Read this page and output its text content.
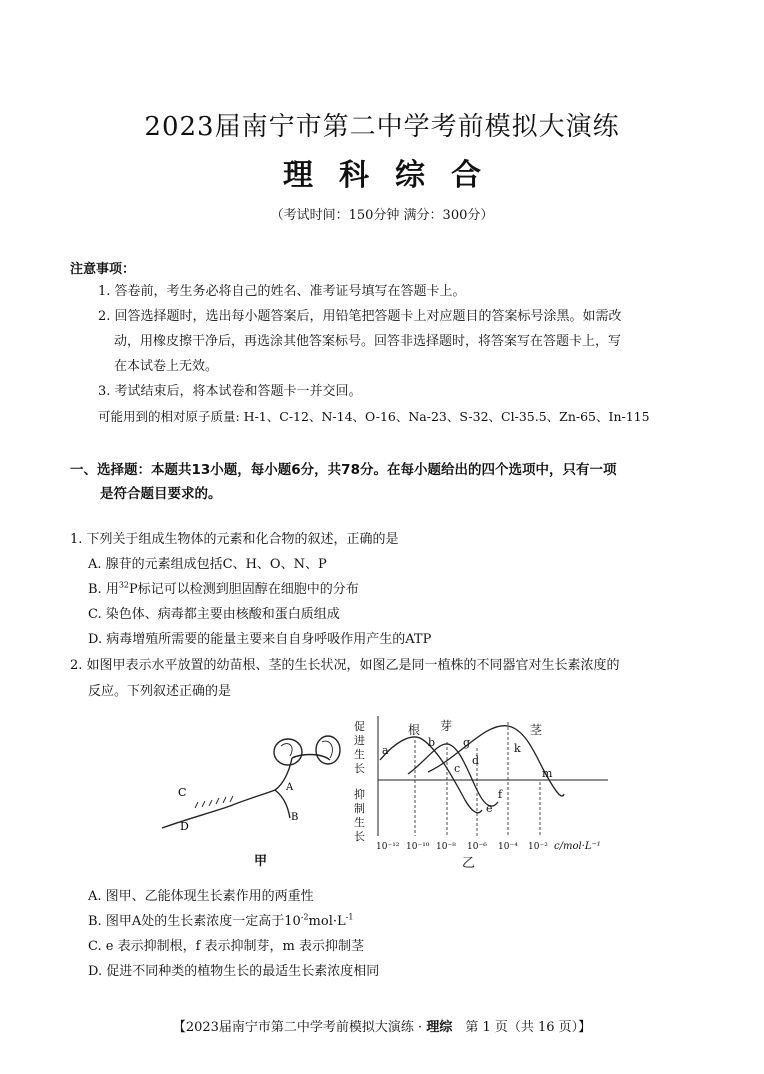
2023届南宁市第二中学考前模拟大演练
理科综合
（考试时间：150分钟 满分：300分）
注意事项：
1. 答卷前，考生务必将自己的姓名、准考证号填写在答题卡上。
2. 回答选择题时，选出每小题答案后，用铅笔把答题卡上对应题目的答案标号涂黑。如需改
动，用橡皮擦干净后，再选涂其他答案标号。回答非选择题时，将答案写在答题卡上，写
在本试卷上无效。
3. 考试结束后，将本试卷和答题卡一并交回。
可能用到的相对原子质量: H-1、C-12、N-14、O-16、Na-23、S-32、Cl-35.5、Zn-65、In-115
一、选择题：本题共13小题，每小题6分，共78分。在每小题给出的四个选项中，只有一项
是符合题目要求的。
1. 下列关于组成生物体的元素和化合物的叙述，正确的是
A. 腺苷的元素组成包括C、H、O、N、P
B. 用$^{32}$P标记可以检测到胆固醇在细胞中的分布
C. 染色体、病毒都主要由核酸和蛋白质组成
D. 病毒增殖所需要的能量主要来自自身呼吸作用产生的ATP
2. 如图甲表示水平放置的幼苗根、茎的生长状况，如图乙是同一植株的不同器官对生长素浓度的
反应。下列叙述正确的是
C
D
A
B
甲
促
进
生
长
抑
制
生
长
根 芽	茎
a
b
c
d
g
e
f
k
m
10⁻¹² 10⁻¹⁰ 10⁻⁸ 10⁻⁶ 10⁻⁴ 10⁻² c/mol·L⁻¹
乙
A. 图甲、乙能体现生长素作用的两重性
B. 图甲A处的生长素浓度一定高于$10^{-2}mol\cdot L^{-1}$
C. e 表示抑制根，f 表示抑制芽，m 表示抑制茎
D. 促进不同种类的植物生长的最适生长素浓度相同
【2023届南宁市第二中学考前模拟大演练 · 理综　第 1 页（共 16 页）】
